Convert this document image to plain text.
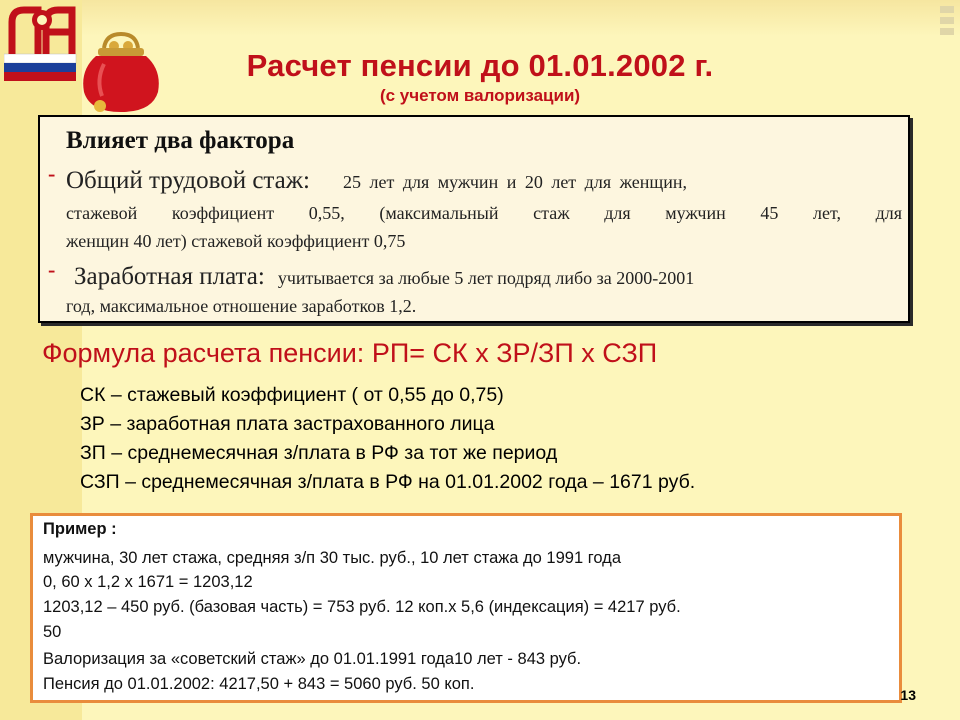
Расчет пенсии до 01.01.2002 г.
(с учетом валоризации)
Влияет два фактора
- Общий трудовой стаж: 25 лет для мужчин и 20 лет для женщин,
стажевой коэффициент 0,55, (максимальный стаж для мужчин 45 лет, для
женщин 40 лет) стажевой коэффициент 0,75
- Заработная плата: учитывается за любые 5 лет подряд либо за 2000-2001
год, максимальное отношение заработков 1,2.
Формула расчета пенсии: РП= СК х ЗР/ЗП х СЗП
СК – стажевый коэффициент ( от 0,55 до 0,75)
ЗР – заработная плата застрахованного лица
ЗП – среднемесячная з/плата в РФ за тот же период
СЗП – среднемесячная з/плата в РФ на 01.01.2002 года – 1671 руб.
Пример :
мужчина, 30 лет стажа, средняя з/п 30 тыс. руб., 10 лет стажа до 1991 года
0, 60 х 1,2 х 1671 = 1203,12
1203,12 – 450 руб. (базовая часть) = 753 руб. 12 коп.х 5,6 (индексация) = 4217 руб.
50
Валоризация за «советский стаж» до 01.01.1991 года10 лет - 843 руб.
Пенсия до 01.01.2002: 4217,50 + 843 = 5060 руб. 50 коп.
13
